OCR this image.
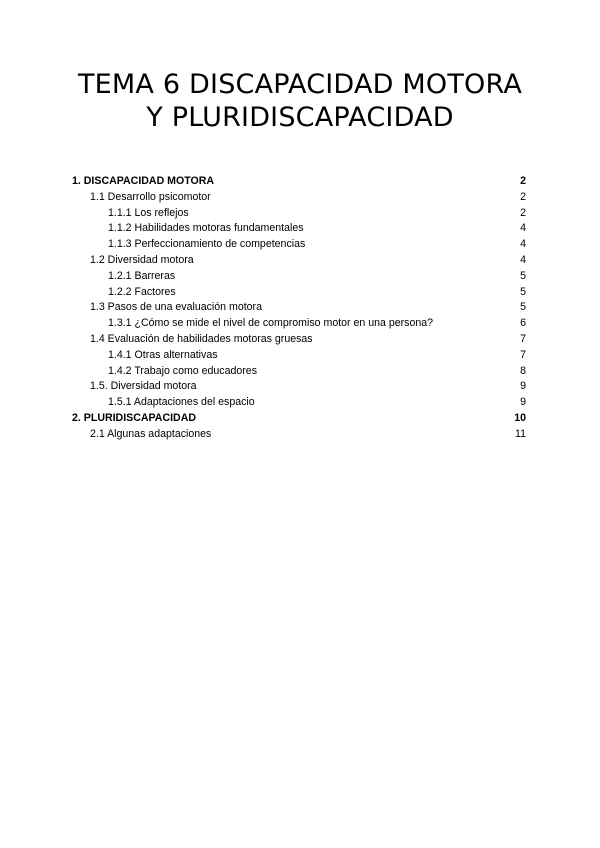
TEMA 6 DISCAPACIDAD MOTORA
Y PLURIDISCAPACIDAD
1. DISCAPACIDAD MOTORA	2
1.1 Desarrollo psicomotor	2
1.1.1 Los reflejos	2
1.1.2 Habilidades motoras fundamentales	4
1.1.3 Perfeccionamiento de competencias	4
1.2 Diversidad motora	4
1.2.1 Barreras	5
1.2.2 Factores	5
1.3 Pasos de una evaluación motora	5
1.3.1 ¿Cómo se mide el nivel de compromiso motor en una persona?	6
1.4 Evaluación de habilidades motoras gruesas	7
1.4.1 Otras alternativas	7
1.4.2 Trabajo como educadores	8
1.5. Diversidad motora	9
1.5.1 Adaptaciones del espacio	9
2. PLURIDISCAPACIDAD	10
2.1 Algunas adaptaciones	11
